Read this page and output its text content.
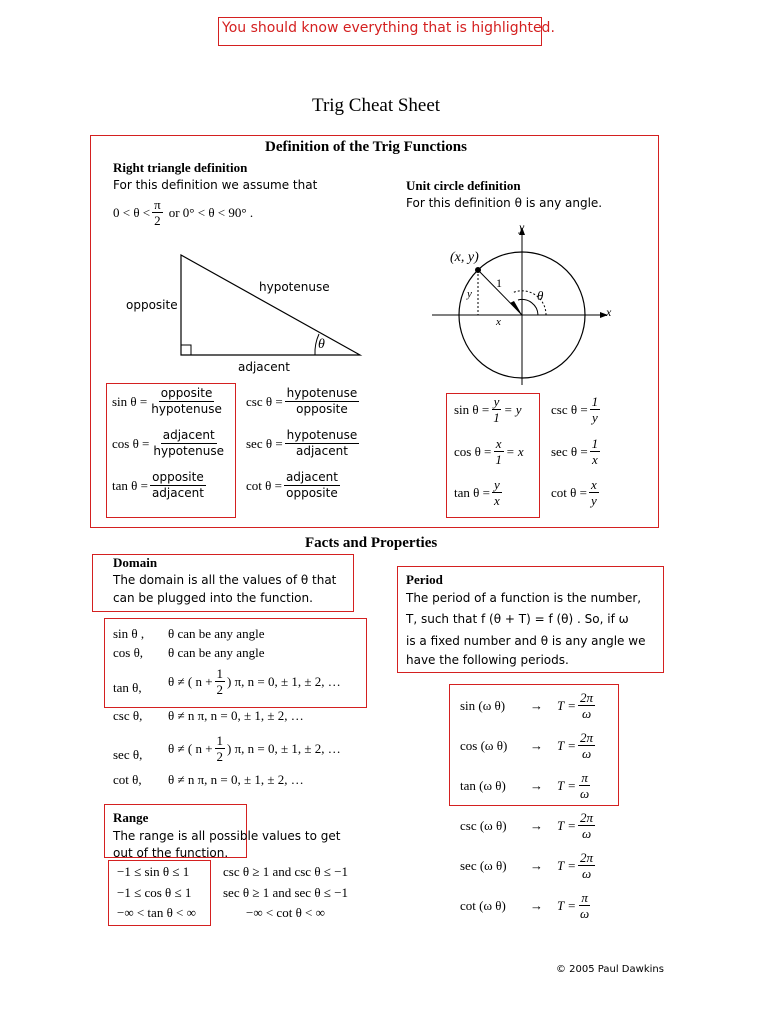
You should know everything that is highlighted.
Trig Cheat Sheet
Definition of the Trig Functions
Right triangle definition
For this definition we assume that
$0 < \theta < \frac{\pi}{2}$ or 0° < θ < 90° .
opposite
hypotenuse
adjacent
θ
Unit circle definition
For this definition θ is any angle.
(x, y)
x
y
1
θ
x
y
$\sin \theta = \frac{\text{opposite}}{\text{hypotenuse}}$ $\csc \theta = \frac{\text{hypotenuse}}{\text{opposite}}$
$\cos \theta = \frac{\text{adjacent}}{\text{hypotenuse}}$ $\sec \theta = \frac{\text{hypotenuse}}{\text{adjacent}}$
$\tan \theta = \frac{\text{opposite}}{\text{adjacent}}$	$\cot \theta = \frac{\text{adjacent}}{\text{opposite}}$
$\sin \theta = \frac{y}{1} = y$ $\csc \theta = \frac{1}{y}$
$\cos \theta = \frac{x}{1} = x$ $\sec \theta = \frac{1}{x}$
$\tan \theta = \frac{y}{x}$	$\cot \theta = \frac{x}{y}$
Facts and Properties
Domain
The domain is all the values of θ that
can be plugged into the function.
sin θ , θ can be any angle
cos θ, θ can be any angle
tan θ, θ ≠ ( $n + \frac{1}{2}$ ) π, n = 0, ± 1, ± 2, …
csc θ, θ ≠ n π, n = 0, ± 1, ± 2, …
sec θ, θ ≠ ( $n + \frac{1}{2}$ ) π, n = 0, ± 1, ± 2, …
cot θ, θ ≠ n π, n = 0, ± 1, ± 2, …
Range
The range is all possible values to get
out of the function.
−1 ≤ sin θ ≤ 1	csc θ ≥ 1 and csc θ ≤ −1
−1 ≤ cos θ ≤ 1 sec θ ≥ 1 and sec θ ≤ −1
−∞ < tan θ < ∞	−∞ < cot θ < ∞
Period
The period of a function is the number,
T, such that f (θ + T) = f (θ) . So, if ω
is a fixed number and θ is any angle we
have the following periods.
sin (ω θ)	→ $T = \frac{2\pi}{\omega}$
cos (ω θ)	→ $T = \frac{2\pi}{\omega}$
tan (ω θ)	→ $T = \frac{\pi}{\omega}$
csc (ω θ)	→ $T = \frac{2\pi}{\omega}$
sec (ω θ)	→ $T = \frac{2\pi}{\omega}$
cot (ω θ)	→ $T = \frac{\pi}{\omega}$
© 2005 Paul Dawkins
